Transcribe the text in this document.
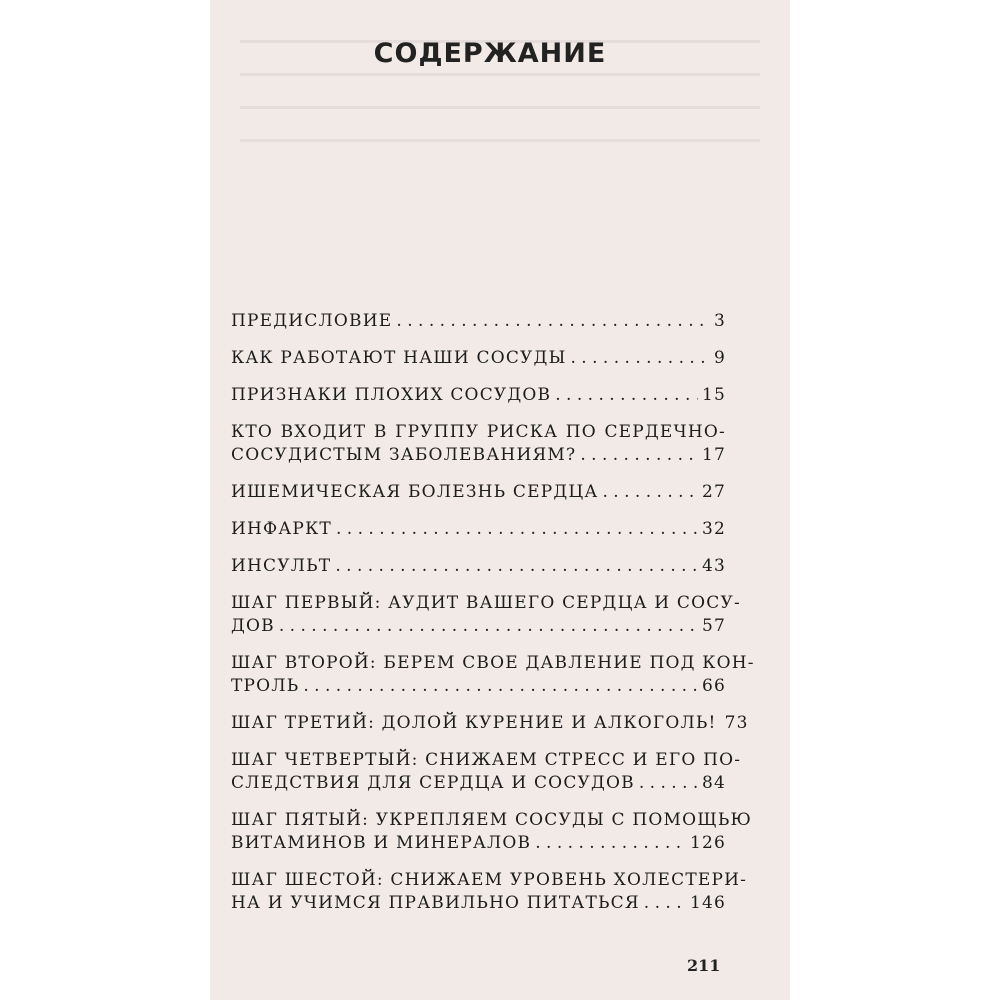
СОДЕРЖАНИЕ
ПРЕДИСЛОВИЕ . . .	3
КАК РАБОТАЮТ НАШИ СОСУДЫ . . .	9
ПРИЗНАКИ ПЛОХИХ СОСУДОВ . . .	15
КТО ВХОДИТ В ГРУППУ РИСКА ПО СЕРДЕЧНО-
СОСУДИСТЫМ ЗАБОЛЕВАНИЯМ? . . .	17
ИШЕМИЧЕСКАЯ БОЛЕЗНЬ СЕРДЦА . . .	27
ИНФАРКТ . . .	32
ИНСУЛЬТ . . .	43
ШАГ ПЕРВЫЙ: АУДИТ ВАШЕГО СЕРДЦА И СОСУ-
ДОВ . . .	57
ШАГ ВТОРОЙ: БЕРЕМ СВОЕ ДАВЛЕНИЕ ПОД КОН-
ТРОЛЬ . . .	66
ШАГ ТРЕТИЙ: ДОЛОЙ КУРЕНИЕ И АЛКОГОЛЬ! 73
ШАГ ЧЕТВЕРТЫЙ: СНИЖАЕМ СТРЕСС И ЕГО ПО-
СЛЕДСТВИЯ ДЛЯ СЕРДЦА И СОСУДОВ . . .	84
ШАГ ПЯТЫЙ: УКРЕПЛЯЕМ СОСУДЫ С ПОМОЩЬЮ
ВИТАМИНОВ И МИНЕРАЛОВ . . .	126
ШАГ ШЕСТОЙ: СНИЖАЕМ УРОВЕНЬ ХОЛЕСТЕРИ-
НА И УЧИМСЯ ПРАВИЛЬНО ПИТАТЬСЯ . . .	146
211
